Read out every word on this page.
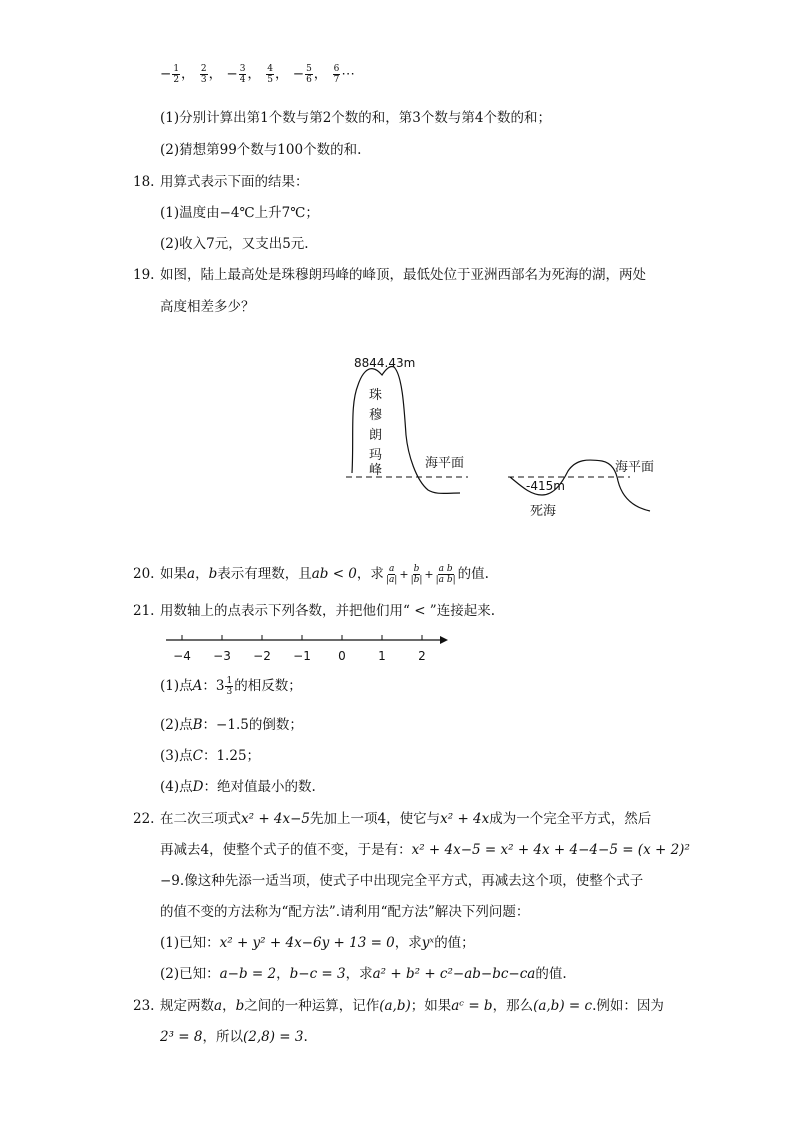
− $\frac{1}{2}$ ， $\frac{2}{3}$ ， − $\frac{3}{4}$ ， $\frac{4}{5}$ ， − $\frac{5}{6}$ ， $\frac{6}{7}$ ⋯
(1)分别计算出第1个数与第2个数的和，第3个数与第4个数的和；
(2)猜想第99个数与100个数的和.
18. 用算式表示下面的结果：
(1)温度由−4℃上升7℃；
(2)收入7元，又支出5元.
19. 如图，陆上最高处是珠穆朗玛峰的峰顶，最低处位于亚洲西部名为死海的湖，两处
高度相差多少？
8844.43m
珠
穆
朗
玛
峰	海平面
-415m
海平面
死海
20. 如果a，b表示有理数，且ab < 0，求 $\frac{a}{|a|} + \frac{b}{|b|} + \frac{\text{a b}}{\text{|a b|}}$ 的值.
21. 用数轴上的点表示下列各数，并把他们用“ < ”连接起来.
−4 −3 −2 −1 0	1	2
(1)点A：$3 \frac{1}{3}$ 的相反数；
(2)点B：−1.5的倒数；
(3)点C：1.25；
(4)点D：绝对值最小的数.
22. 在二次三项式x² + 4x−5先加上一项4，使它与x² + 4x成为一个完全平方式，然后
再减去4，使整个式子的值不变，于是有：x² + 4x−5 = x² + 4x + 4−4−5 = (x + 2)²
−9.像这种先添一适当项，使式子中出现完全平方式，再减去这个项，使整个式子
的值不变的方法称为“配方法”.请利用“配方法”解决下列问题：
(1)已知：x² + y² + 4x−6y + 13 = 0，求yˣ的值；
(2)已知：a−b = 2，b−c = 3，求a² + b² + c²−ab−bc−ca的值.
23. 规定两数a，b之间的一种运算，记作(a,b)；如果aᶜ = b，那么(a,b) = c.例如：因为
2³ = 8，所以(2,8) = 3.
